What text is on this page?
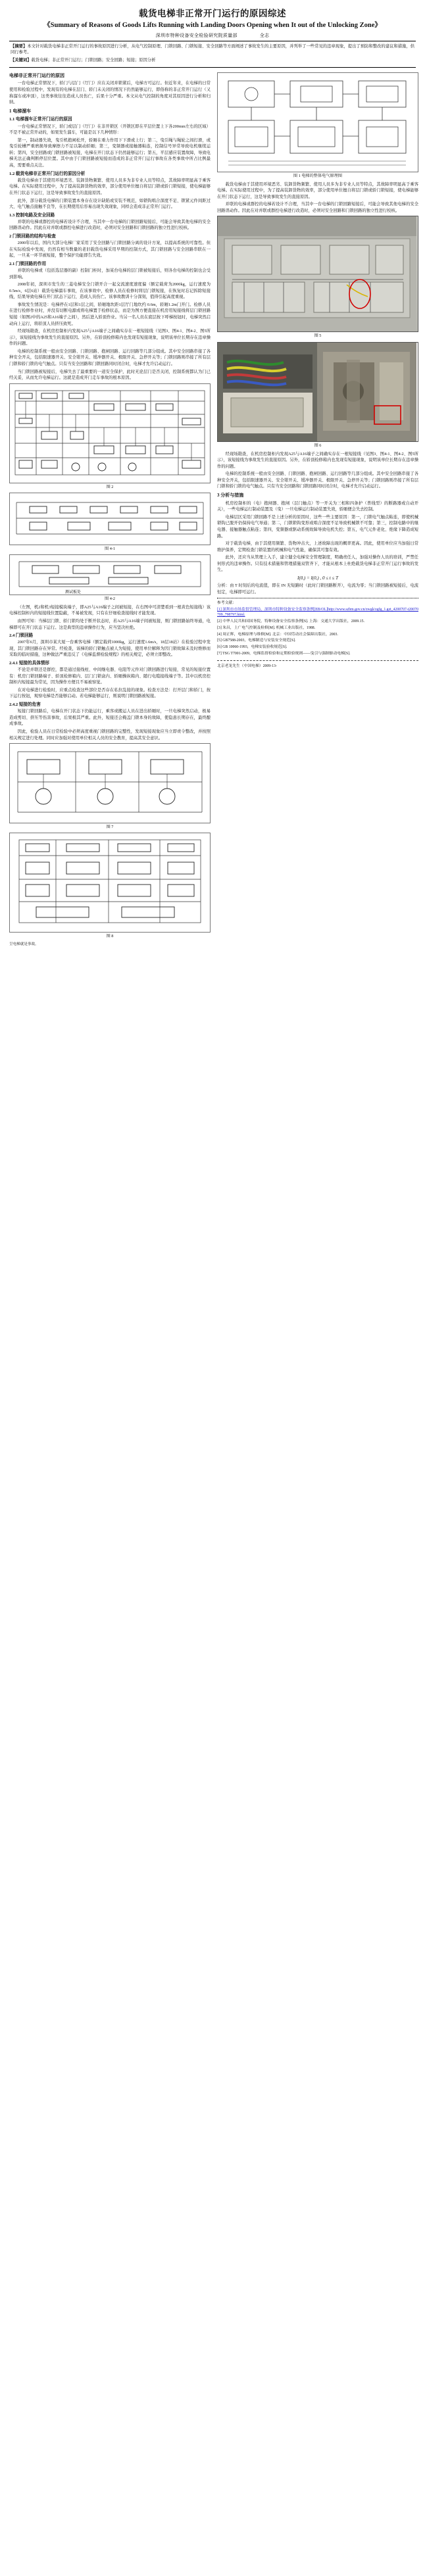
载货电梯非正常开门运行的原因综述
《Summary of Reasons of Goods Lifts Running with Landing Doors Opening when It out of the Unlocking Zone》
深圳市特种设备安全检验研究院质量部	全志

【摘要】本文针对载货电梯非正常开门运行的事故原因进行分析，从电气控制原理、门锁回路、门锁短接、安全回路等方面阐述了事故发生的主要原因，并列举了一些常见的违章现象，提出了预防和整改的建议和措施，供同行参考。

【关键词】载货电梯；非正常开门运行；门锁回路；安全回路；短接；原因分析

电梯非正常开门运行的原因

一台电梯正常情况下，轿门与层门（厅门）应在关闭并锁紧后，电梯方可运行。但近年来，在电梯的日常使用和检验过程中，发现有的电梯在层门、轿门未关闭的情况下仍然能够运行，即俗称的非正常开门运行（又称溜车或冲顶），这类事故往往造成人员伤亡，后果十分严重。本文从电气控制的角度对其原因进行分析和归纳。

1 电梯溜车
1.1 电梯溜车正常开门运行的原因

一台电梯正常情况下，轿门或层门（厅门）在非开锁区（开锁区即在平层位置上下各200mm左右的区域）不是不被正常开动的，如果发生溜车，可能是以下几种情形：

第一，制动器失效，曳引机抱闸松开，轿厢在重力作用下下滑或上行；第二，曳引绳与绳轮之间打滑，或曳引轮槽严重磨损导致摩擦力不足以制动轿厢；第三，变频器或接触器粘连，控制信号异常导致电机继续运转；第四，安全回路或门锁回路被短接，电梯在开门状态下仍然能够运行；第五，平层感应装置故障，导致电梯无法正确判断停层位置。其中由于门锁回路被短接而造成的非正常开门运行事故在各类事故中所占比例最高，需要重点关注。

1.2 载货电梯非正常开门运行的原因分析

载货电梯由于其使用环境恶劣、装卸货物频繁、使用人员多为非专业人员等特点，其故障率明显高于乘客电梯。在实际使用过程中，为了提高装卸货物的效率，部分使用单位擅自将层门锁或轿门锁短接，使电梯能够在开门状态下运行，这是导致事故发生的直接原因。

此外，部分载货电梯的门锁装置本身存在设计缺陷或安装不规范，如锁钩啮合深度不足、锁紧元件间距过大、电气触点接触不良等，在长期使用后容易出现失效现象，同样会造成非正常开门运行。

1.3 控制电路及安全回路

并联的电梯或群控的电梯若设计不合理，当其中一台电梯的门锁回路短接后，可能会导致其他电梯的安全回路误动作。因此在对并联或群控电梯进行改造时，必须对安全回路和门锁回路的独立性进行校核。

2 门锁回路的结构与检查

2000年以后，国内大部分电梯厂家采用了安全回路与门锁回路分离的设计方案，以提高系统的可靠性。但在实际检验中发现，仍然有相当数量的老旧载货电梯采用早期的控制方式，其门锁回路与安全回路串联在一起，一旦某一环节被短接，整个保护功能即告失效。

2.1 门锁回路的作用

并联的电梯或（包括选层器的副）控制门柜时，加某台电梯的层门锁被短接后，则各台电梯的控制也会受到影响。

2008年初，深圳市发生的三菱电梯安全门锁开合一起交流速度速度偏（额定载荷为2000kg，运行速度为0.5m/s，6层6站）载货电梯溜车事故，在该事故中，检修人员在检修时将层门锁短接，在恢复时忘记拆除短接线，结果导致电梯在开门状态下运行，造成人员伤亡。该事故教训十分深刻，值得引起高度重视。

事故发生情况是：电梯停在1层和1层之间，轿厢地坎距1层厅门地坎约 0.6m，轿厢1.2m门开门。检修人员在进行检修作业时，并没有切断电源或将电梯置于检修状态，而是为图方便直接在机房用短接线将层门锁回路短接（如图2中的A25和A16端子之间），然后进入轿顶作业。当另一名人员在底层按下呼梯按钮时，电梯突然启动向上运行，将轿顶人员挤压致死。

经现场勘查，在机房控制柜内发现A25与A16端子之间确实存在一根短接线（见图3、图4-1、图4-2、图5所示），该短接线为事故发生的直接原因。另外，在轿顶检修箱内也发现有短接现象，说明该单位长期存在违章操作的问题。

电梯的控制系统一般由安全回路、门锁回路、抱闸回路、运行回路等几部分组成。其中安全回路串接了各种安全开关，包括限速器开关、安全钳开关、缓冲器开关、极限开关、急停开关等；门锁回路则串接了所有层门锁和轿门锁的电气触点。只有当安全回路和门锁回路同时闭合时，电梯才允许启动运行。

当门锁回路被短接后，电梯失去了最重要的一道安全保护，此时无论层门是否关闭，控制系统都认为门已经关妥，从而允许电梯运行。这就是造成开门走车事故的根本原因。

图 2
图 4-1
测试板处
图 4-2

（左图，机2和机3短接模块端子，即A25与A16端子之间被短接，在右图中可清楚看到一根黄色短接线）该电梯控制柜内的短接线位置隐蔽，不易被发现，只有在仔细检查接线时才能发现。

由图可知：当梯层门锁、轿门锁均处于断开状态时，若A25与A16端子间被短接，则门锁回路始终导通，电梯即可在开门状态下运行。这是典型的违章操作行为，应当坚决杜绝。

2.4 门锁回路

2007年6月，深圳市某大厦一台乘客电梯（额定载荷1000kg，运行速度1.6m/s，18层18站）在检验过程中发现，其门锁回路存在异常。经检查，该梯的轿门锁触点被人为短接，使用单位解释为因门锁故障未及时维修而采取的临时措施，这种做法严重违反了《电梯监督检验规程》的相关规定，必须立即整改。

2.4.1 短接的具体情形

不论是并联还是群控，都是通过接线柱、中间继电器、电阻等元件对门锁回路进行短接，常见的短接位置有：机房门锁回路端子、轿顶检修箱内、层门门锁盒内、轿厢操纵箱内、随行电缆接线端子等。其中以机房控制柜内短接最为常见，因为操作方便且不易被察觉。

在对电梯进行检验时，应重点检查这些部位是否存在私拉乱接的现象。检查方法是：打开层门和轿门，按下运行按钮，观察电梯是否能够启动。若电梯能够运行，则说明门锁回路被短接。

2.4.2 短接的危害

短接门锁回路后，电梯在开门状态下仍能运行，乘客或搬运人员在进出轿厢时，一旦电梯突然启动，极易造成剪切、挤压等伤害事故，后果极其严重。此外，短接还会掩盖门锁本身的故障，使隐患长期存在，最终酿成事故。

因此，检验人员在日常检验中必须高度重视门锁回路的完整性，发现短接现象应当立即责令整改，并按照相关规定进行处理。同时应加强对使用单位相关人员的安全教育，提高其安全意识。

图 7
图 8

呈电梯就是事故。

图 1 电梯的整体电气原理图

载货电梯由于其使用环境恶劣、装卸货物频繁、使用人员多为非专业人员等特点，其故障率明显高于乘客电梯。在实际使用过程中，为了提高装卸货物的效率，部分使用单位擅自将层门锁或轿门锁短接，使电梯能够在开门状态下运行，这是导致事故发生的直接原因。

并联的电梯或群控的电梯若设计不合理，当其中一台电梯的门锁回路短接后，可能会导致其他电梯的安全回路误动作。因此在对并联或群控电梯进行改造时，必须对安全回路和门锁回路的独立性进行校核。

图 5
图 6

经现场勘查，在机房控制柜内发现A25与A16端子之间确实存在一根短接线（见图3、图4-1、图4-2、图5所示），该短接线为事故发生的直接原因。另外，在轿顶检修箱内也发现有短接现象，说明该单位长期存在违章操作的问题。

电梯的控制系统一般由安全回路、门锁回路、抱闸回路、运行回路等几部分组成。其中安全回路串接了各种安全开关，包括限速器开关、安全钳开关、缓冲器开关、极限开关、急停开关等；门锁回路则串接了所有层门锁和轿门锁的电气触点。只有当安全回路和门锁回路同时闭合时，电梯才允许启动运行。

3 分析与措施

机房控制柜的（电）抱闸器、抱闸（层门触点）等一开关为三相和四条护（普线型）的断路器或自动开关），一些电梯运行制动装置及（曳）一旦电梯运行制动装置失效，轿厢便会失去控制。

电梯层区采用门锁回路不是上述分析的原因时，这些一些主要原因：第一，门锁电气触点粘连，即使机械锁钩已脱开仍保持电气导通；第二，门锁锁钩变形或啮合深度不足导致机械锁不可靠；第三，控制电路中的继电器、接触器触点粘连；第四，变频器或驱动系统故障导致电机失控；第五，电气元件老化、绝缘下降造成短路。

对于载货电梯，由于其使用频繁、货物冲击大，上述故障出现的概率更高。因此，使用单位应当加强日常维护保养，定期检查门锁装置的机械和电气性能，确保其可靠有效。

此外，还应当从管理上入手，建立健全电梯安全管理制度，明确责任人，加强对操作人员的培训，严禁任何形式的违章操作。只有技术措施和管理措施双管齐下，才能从根本上杜绝载货电梯非正常开门运行事故的发生。

I(0,) = I(0,) , 0 ≤ t ≤ T

分析：由 T 时刻后的电流值，即在 IN 无短路时（此时门锁回路断开），电流为零；当门锁回路被短接后，电流恒定，电梯即可运行。

参考文献：
[1] 深圳市市场监督管理局，深圳市特种设备安全监察条例[EB/OL]http://www.szbm.gov.cn/zwgk/zgfg_1.gzt_4200707-t20070709_798797.html.
[2] 中华人民共和国国务院，特种设备安全监察条例[S]. 上海：交通大学出版社，2009.15.
[3] 朱昌，上广电气控制及检修[M]. 机械工业出版社，1988.
[4] 周正辉，电梯原理与维修[M]. 北京：中国劳动社会保障出版社，2003.
[5] GB7588-2003，电梯制造与安装安全规范[S].
[6] GB 10060-1993，电梯安装验收规范[S].
[7] TSG T7001-2009，电梯监督检验和定期检验规则——曳引与强制驱动电梯[S].
北京老龙先生（中国电梯）2009-13-
